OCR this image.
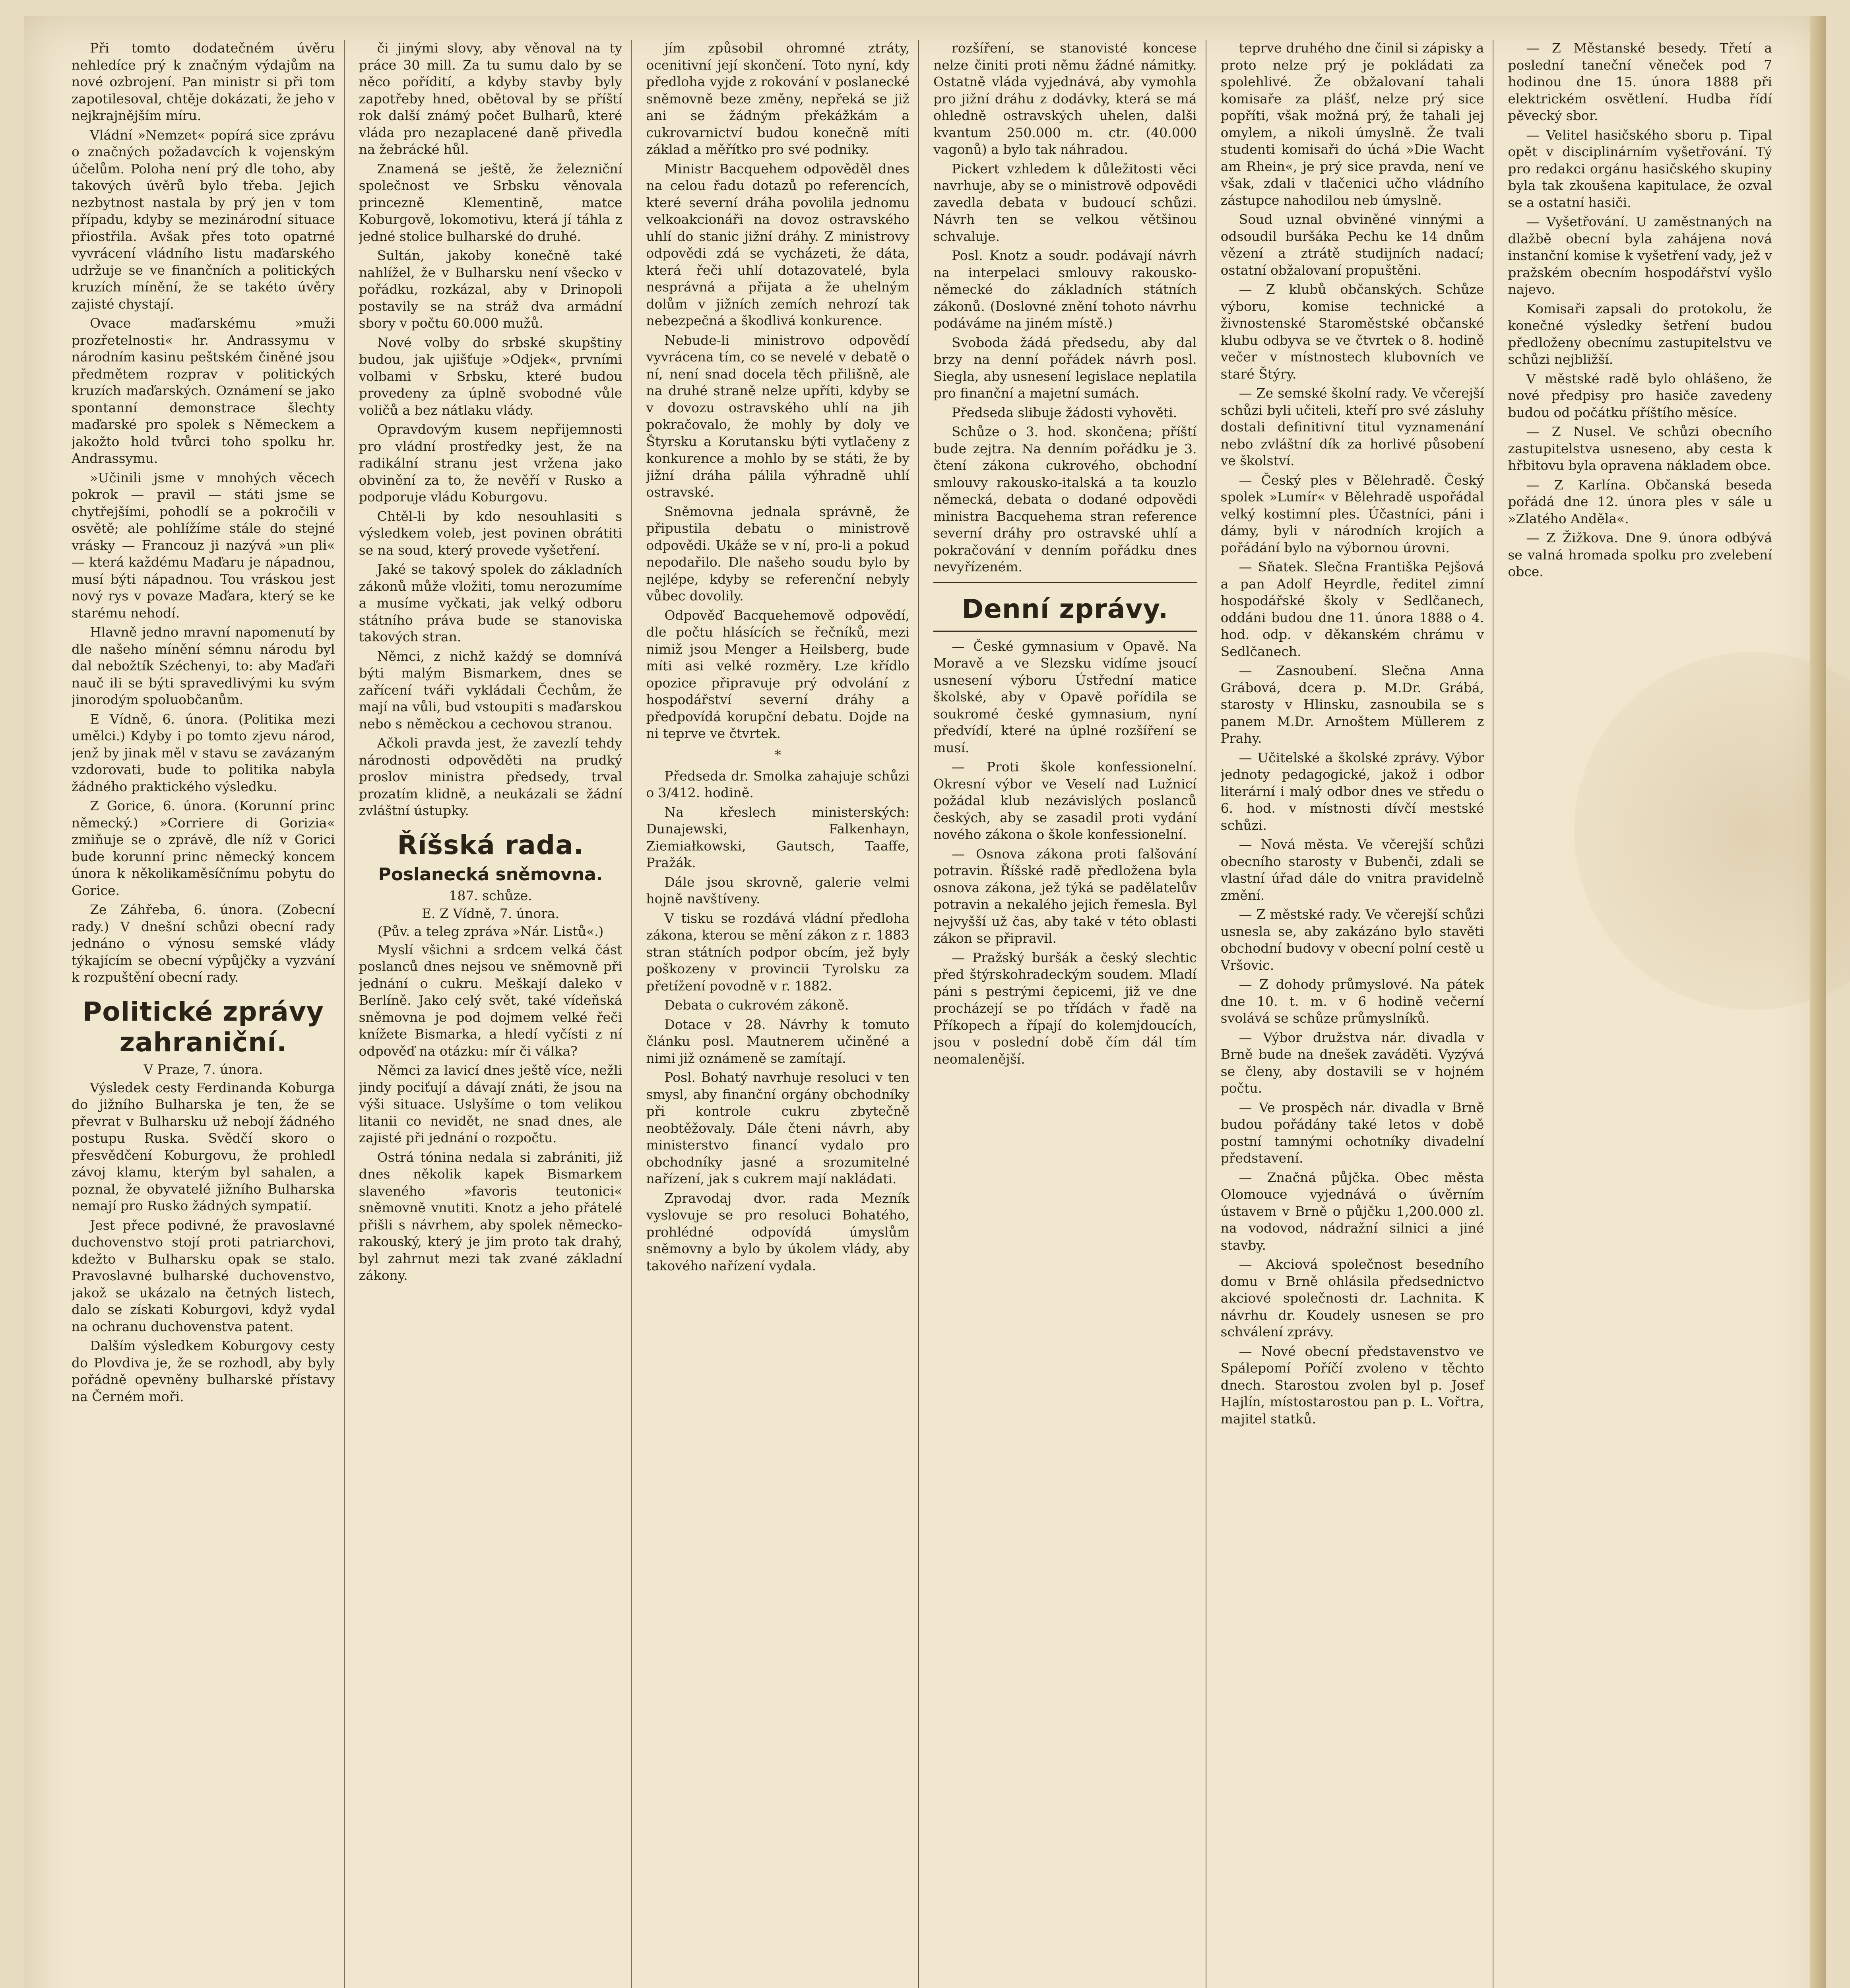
Při tomto dodatečném úvěru nehledíce prý k značným výdajům na nové ozbrojení. Pan ministr si při tom zapotilesoval, chtěje dokázati, že jeho v nejkrajnějším míru.

Vládní »Nemzet« popírá sice zprávu o značných požadavcích k vojenským účelům. Poloha není prý dle toho, aby takových úvěrů bylo třeba. Jejich nezbytnost nastala by prý jen v tom případu, kdyby se mezinárodní situace přiostřila. Avšak přes toto opatrné vyvrácení vládního listu maďarského udržuje se ve finančních a politických kruzích mínění, že se takéto úvěry zajisté chystají.

Ovace maďarskému »muži prozřetelnosti« hr. Andrassymu v národním kasinu peštském činěné jsou předmětem rozprav v politických kruzích maďarských. Oznámení se jako spontanní demonstrace šlechty maďarské pro spolek s Německem a jakožto hold tvůrci toho spolku hr. Andrassymu.

»Učinili jsme v mnohých věcech pokrok — pravil — státi jsme se chytřejšími, pohodlí se a pokročili v osvětě; ale pohlížíme stále do stejné vrásky — Francouz ji nazývá »un pli« — která každému Maďaru je nápadnou, musí býti nápadnou. Tou vráskou jest nový rys v povaze Maďara, který se ke starému nehodí.

Hlavně jedno mravní napomenutí by dle našeho mínění sémnu národu byl dal nebožtík Széchenyi, to: aby Maďaři nauč ili se býti spravedlivými ku svým jinorodým spoluobčanům.

E Vídně, 6. února. (Politika mezi umělci.) Kdyby i po tomto zjevu národ, jenž by jinak měl v stavu se zavázaným vzdorovati, bude to politika nabyla žádného praktického výsledku.

Z Gorice, 6. února. (Korunní princ německý.) »Corriere di Gorizia« zmiňuje se o zprávě, dle níž v Gorici bude korunní princ německý koncem února k několikaměsíčnímu pobytu do Gorice.

Ze Záhřeba, 6. února. (Zobecní rady.) V dnešní schůzi obecní rady jednáno o výnosu semské vlády týkajícím se obecní výpůjčky a vyzvání k rozpuštění obecní rady.

Politické zprávy zahraniční.
V Praze, 7. února.

Výsledek cesty Ferdinanda Koburga do jižního Bulharska je ten, že se převrat v Bulharsku už nebojí žádného postupu Ruska. Svědčí skoro o přesvědčení Koburgovu, že prohledl závoj klamu, kterým byl sahalen, a poznal, že obyvatelé jižního Bulharska nemají pro Rusko žádných sympatií.

Jest přece podivné, že pravoslavné duchovenstvo stojí proti patriarchovi, kdežto v Bulharsku opak se stalo. Pravoslavné bulharské duchovenstvo, jakož se ukázalo na četných listech, dalo se získati Koburgovi, když vydal na ochranu duchovenstva patent.

Dalším výsledkem Koburgovy cesty do Plovdiva je, že se rozhodl, aby byly pořádně opevněny bulharské přístavy na Černém moři.

či jinými slovy, aby věnoval na ty práce 30 mill. Za tu sumu dalo by se něco pořídití, a kdyby stavby byly zapotřeby hned, obětoval by se příští rok další známý počet Bulharů, které vláda pro nezaplacené daně přivedla na žebrácké hůl.

Znamená se ještě, že železniční společnost ve Srbsku věnovala princezně Klementině, matce Koburgově, lokomotivu, která jí táhla z jedné stolice bulharské do druhé.

Sultán, jakoby konečně také nahlížel, že v Bulharsku není všecko v pořádku, rozkázal, aby v Drinopoli postavily se na stráž dva armádní sbory v počtu 60.000 mužů.

Nové volby do srbské skupštiny budou, jak ujišťuje »Odjek«, prvními volbami v Srbsku, které budou provedeny za úplně svobodné vůle voličů a bez nátlaku vlády.

Opravdovým kusem nepřijemnosti pro vládní prostředky jest, že na radikální stranu jest vržena jako obvinění za to, že nevěří v Rusko a podporuje vládu Koburgovu.

Chtěl-li by kdo nesouhlasiti s výsledkem voleb, jest povinen obrátiti se na soud, který provede vyšetření.

Jaké se takový spolek do základních zákonů může vložiti, tomu nerozumíme a musíme vyčkati, jak velký odboru státního práva bude se stanoviska takových stran.

Němci, z nichž každý se domnívá býti malým Bismarkem, dnes se zařícení tváři vykládali Čechům, že mají na vůli, bud vstoupiti s maďarskou nebo s něměckou a cechovou stranou.

Ačkoli pravda jest, že zavezlí tehdy národnosti odpověděti na prudký proslov ministra předsedy, trval prozatím klidně, a neukázali se žádní zvláštní ústupky.

Říšská rada.
Poslanecká sněmovna.
187. schůze.
E. Z Vídně, 7. února.
(Pův. a teleg zpráva »Nár. Listů«.)

Myslí všichni a srdcem velká část poslanců dnes nejsou ve sněmovně při jednání o cukru. Meškají daleko v Berlíně. Jako celý svět, také vídeňská sněmovna je pod dojmem velké řeči knížete Bismarka, a hledí vyčísti z ní odpověď na otázku: mír či válka?

Němci za lavicí dnes ještě více, nežli jindy pociťují a dávají znáti, že jsou na výši situace. Uslyšíme o tom velikou litanii co nevidět, ne snad dnes, ale zajisté při jednání o rozpočtu.

Ostrá tónina nedala si zabrániti, již dnes několik kapek Bismarkem slaveného »favoris teutonici« sněmovně vnutiti. Knotz a jeho přátelé přišli s návrhem, aby spolek německo-rakouský, který je jim proto tak drahý, byl zahrnut mezi tak zvané základní zákony.

jím způsobil ohromné ztráty, ocenitivní její skončení. Toto nyní, kdy předloha vyjde z rokování v poslanecké sněmovně beze změny, nepřeká se již ani se žádným překážkám a cukrovarnictví budou konečně míti základ a měřítko pro své podniky.

Ministr Bacquehem odpověděl dnes na celou řadu dotazů po referencích, které severní dráha povolila jednomu velkoakcionáři na dovoz ostravského uhlí do stanic jižní dráhy. Z ministrovy odpovědi zdá se vycházeti, že dáta, která řeči uhlí dotazovatelé, byla nesprávná a přijata a že uhelným dolům v jižních zemích nehrozí tak nebezpečná a škodlivá konkurence.

Nebude-li ministrovo odpovědí vyvrácena tím, co se nevelé v debatě o ní, není snad docela těch přilišně, ale na druhé straně nelze upříti, kdyby se v dovozu ostravského uhlí na jih pokračovalo, že mohly by doly ve Štyrsku a Korutansku býti vytlačeny z konkurence a mohlo by se státi, že by jižní dráha pálila výhradně uhlí ostravské.

Sněmovna jednala správně, že připustila debatu o ministrově odpovědi. Ukáže se v ní, pro-li a pokud nepodařilo. Dle našeho soudu bylo by nejlépe, kdyby se referenční nebyly vůbec dovolily.

Odpověď Bacquehemově odpovědí, dle počtu hlásících se řečníků, mezi nimiž jsou Menger a Heilsberg, bude míti asi velké rozměry. Lze křídlo opozice připravuje prý odvolání z hospodářství severní dráhy a předpovídá korupční debatu. Dojde na ni teprve ve čtvrtek.

*

Předseda dr. Smolka zahajuje schůzi o 3/412. hodině.

Na křeslech ministerských: Dunajewski, Falkenhayn, Ziemiałkowski, Gautsch, Taaffe, Pražák.

Dále jsou skrovně, galerie velmi hojně navštíveny.

V tisku se rozdává vládní předloha zákona, kterou se mění zákon z r. 1883 stran státních podpor obcím, jež byly poškozeny v provincii Tyrolsku za přetížení povodně v r. 1882.

Debata o cukrovém zákoně.

Dotace v 28. Návrhy k tomuto článku posl. Mautnerem učiněné a nimi již oznámeně se zamítají.

Posl. Bohatý navrhuje resoluci v ten smysl, aby finanční orgány obchodníky při kontrole cukru zbytečně neobtěžovaly. Dále čteni návrh, aby ministerstvo financí vydalo pro obchodníky jasné a srozumitelné nařízení, jak s cukrem mají nakládati.

Zpravodaj dvor. rada Mezník vyslovuje se pro resoluci Bohatého, prohlédné odpovídá úmyslům sněmovny a bylo by úkolem vlády, aby takového nařízení vydala.

rozšíření, se stanovisté koncese nelze činiti proti němu žádné námitky. Ostatně vláda vyjednává, aby vymohla pro jižní dráhu z dodávky, která se má ohledně ostravských uhelen, dalši kvantum 250.000 m. ctr. (40.000 vagonů) a bylo tak náhradou.

Pickert vzhledem k důležitosti věci navrhuje, aby se o ministrově odpovědi zavedla debata v budoucí schůzi. Návrh ten se velkou většinou schvaluje.

Posl. Knotz a soudr. podávají návrh na interpelaci smlouvy rakousko-německé do základních státních zákonů. (Doslovné znění tohoto návrhu podáváme na jiném místě.)

Svoboda žádá předsedu, aby dal brzy na denní pořádek návrh posl. Siegla, aby usnesení legislace neplatila pro finanční a majetní sumách.

Předseda slibuje žádosti vyhověti.

Schůze o 3. hod. skončena; příští bude zejtra. Na denním pořádku je 3. čtení zákona cukrového, obchodní smlouvy rakousko-italská a ta kouzlo německá, debata o dodané odpovědi ministra Bacquehema stran reference severní dráhy pro ostravské uhlí a pokračování v denním pořádku dnes nevyřízeném.

Denní zprávy.

— České gymnasium v Opavě. Na Moravě a ve Slezsku vidíme jsoucí usnesení výboru Ústřední matice školské, aby v Opavě pořídila se soukromé české gymnasium, nyní předvídí, které na úplné rozšíření se musí.

— Proti škole konfessionelní. Okresní výbor ve Veselí nad Lužnicí požádal klub nezávislých poslanců českých, aby se zasadil proti vydání nového zákona o škole konfessionelní.

— Osnova zákona proti falšování potravin. Říšské radě předložena byla osnova zákona, jež týká se padělatelův potravin a nekalého jejich řemesla. Byl nejvyšší už čas, aby také v této oblasti zákon se připravil.

— Pražský buršák a český slechtic před štýrskohradeckým soudem. Mladí páni s pestrými čepicemi, již ve dne procházejí se po třídách v řadě na Příkopech a řípají do kolemjdoucích, jsou v poslední době čím dál tím neomalenější.

teprve druhého dne činil si zápisky a proto nelze prý je pokládati za spolehlivé. Že obžalovaní tahali komisaře za plášť, nelze prý sice popříti, však možná prý, že tahali jej omylem, a nikoli úmyslně. Že tvali studenti komisaři do úchá »Die Wacht am Rhein«, je prý sice pravda, není ve však, zdali v tlačenici učho vládního zástupce nahodilou neb úmyslně.

Soud uznal obviněné vinnými a odsoudil buršáka Pechu ke 14 dnům vězení a ztrátě studijních nadací; ostatní obžalovaní propuštěni.

— Z klubů občanských. Schůze výboru, komise technické a živnostenské Staroměstské občanské klubu odbyva se ve čtvrtek o 8. hodině večer v místnostech klubovních ve staré Štýry.

— Ze semské školní rady. Ve včerejší schůzi byli učiteli, kteří pro své zásluhy dostali definitivní titul vyznamenání nebo zvláštní dík za horlivé působení ve školství.

— Český ples v Bělehradě. Český spolek »Lumír« v Bělehradě uspořádal velký kostimní ples. Účastníci, páni i dámy, byli v národních krojích a pořádání bylo na výbornou úrovni.

— Sňatek. Slečna Františka Pejšová a pan Adolf Heyrdle, ředitel zimní hospodářské školy v Sedlčanech, oddáni budou dne 11. února 1888 o 4. hod. odp. v děkanském chrámu v Sedlčanech.

— Zasnoubení. Slečna Anna Grábová, dcera p. M.Dr. Grábá, starosty v Hlinsku, zasnoubila se s panem M.Dr. Arnoštem Müllerem z Prahy.

— Učitelské a školské zprávy. Výbor jednoty pedagogické, jakož i odbor literární i malý odbor dnes ve středu o 6. hod. v místnosti dívčí mestské schůzi.

— Nová města. Ve včerejší schůzi obecního starosty v Bubenči, zdali se vlastní úřad dále do vnitra pravidelně změní.

— Z městské rady. Ve včerejší schůzi usnesla se, aby zakázáno bylo stavěti obchodní budovy v obecní polní cestě u Vršovic.

— Z dohody průmyslové. Na pátek dne 10. t. m. v 6 hodině večerní svolává se schůze průmyslníků.

— Výbor družstva nár. divadla v Brně bude na dnešek zaváděti. Vyzývá se členy, aby dostavili se v hojném počtu.

— Ve prospěch nár. divadla v Brně budou pořádány také letos v době postní tamnými ochotníky divadelní představení.

— Značná půjčka. Obec města Olomouce vyjednává o úvěrním ústavem v Brně o půjčku 1,200.000 zl. na vodovod, nádražní silnici a jiné stavby.

— Akciová společnost besedního domu v Brně ohlásila předsednictvo akciové společnosti dr. Lachnita. K návrhu dr. Koudely usnesen se pro schválení zprávy.

— Nové obecní představenstvo ve Spálepomí Poříčí zvoleno v těchto dnech. Starostou zvolen byl p. Josef Hajlín, místostarostou pan p. L. Vořtra, majitel statků.

— Z Městanské besedy. Třetí a poslední taneční věneček pod 7 hodinou dne 15. února 1888 při elektrickém osvětlení. Hudba řídí pěvecký sbor.

— Velitel hasičského sboru p. Tipal opět v disciplinárním vyšetřování. Tý pro redakci orgánu hasičského skupiny byla tak zkoušena kapitulace, že ozval se a ostatní hasiči.

— Vyšetřování. U zaměstnaných na dlažbě obecní byla zahájena nová instanční komise k vyšetření vady, jež v pražském obecním hospodářství vyšlo najevo.

Komisaři zapsali do protokolu, že konečné výsledky šetření budou předloženy obecnímu zastupitelstvu ve schůzi nejbližší.

V městské radě bylo ohlášeno, že nové předpisy pro hasiče zavedeny budou od počátku příštího měsíce.

— Z Nusel. Ve schůzi obecního zastupitelstva usneseno, aby cesta k hřbitovu byla opravena nákladem obce.

— Z Karlína. Občanská beseda pořádá dne 12. února ples v sále u »Zlatého Anděla«.

— Z Žižkova. Dne 9. února odbývá se valná hromada spolku pro zvelebení obce.
